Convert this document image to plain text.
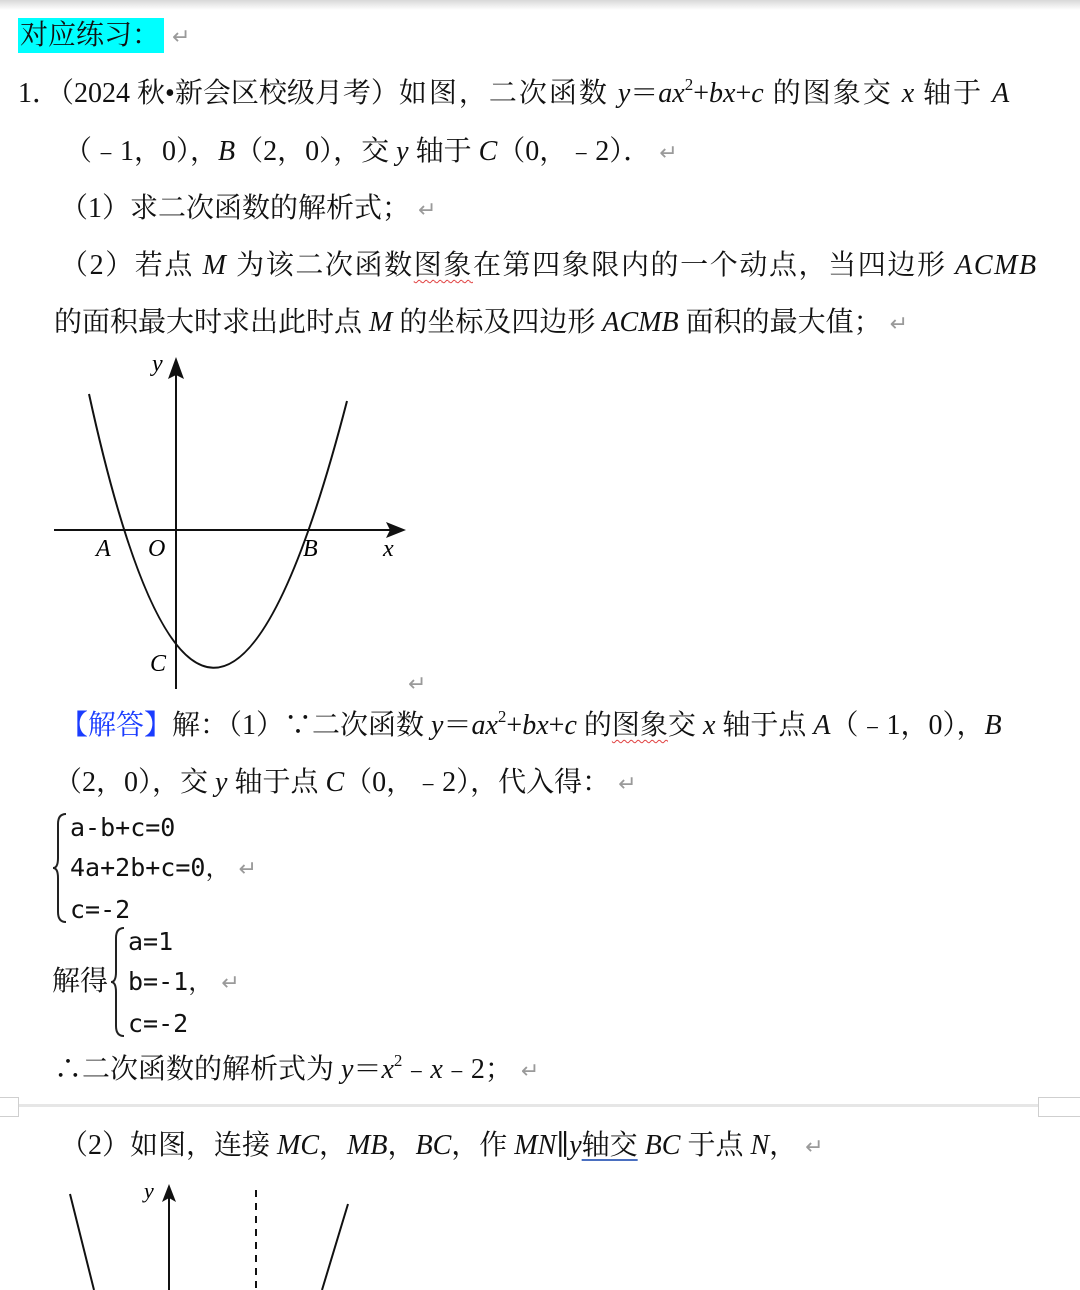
对应练习： ↵
1．（2024 秋•新会区校级月考）如图，二次函数 $y=ax^2+bx+c$ 的图象交 x 轴于 A
（﹣1，0），B（2，0），交 y 轴于 C（0，﹣2）． ↵
（1）求二次函数的解析式； ↵
（2）若点 M 为该二次函数图象在第四象限内的一个动点，当四边形 ACMB
的面积最大时求出此时点 M 的坐标及四边形 ACMB 面积的最大值； ↵
y
x
A O	B
C
↵
【解答】解：（1）∵二次函数 $y=ax^2+bx+c$ 的图象交 x 轴于点 A（﹣1，0），B
（2，0），交 y 轴于点 C（0，﹣2），代入得： ↵
a-b+c=0
4a+2b+c=0， ↵
c=-2
解得
a=1
b=-1， ↵
c=-2
∴二次函数的解析式为 $y=x^2﹣x﹣2$； ↵
（2）如图，连接 MC，MB，BC，作 MN∥y轴交 BC 于点 N， ↵
y
